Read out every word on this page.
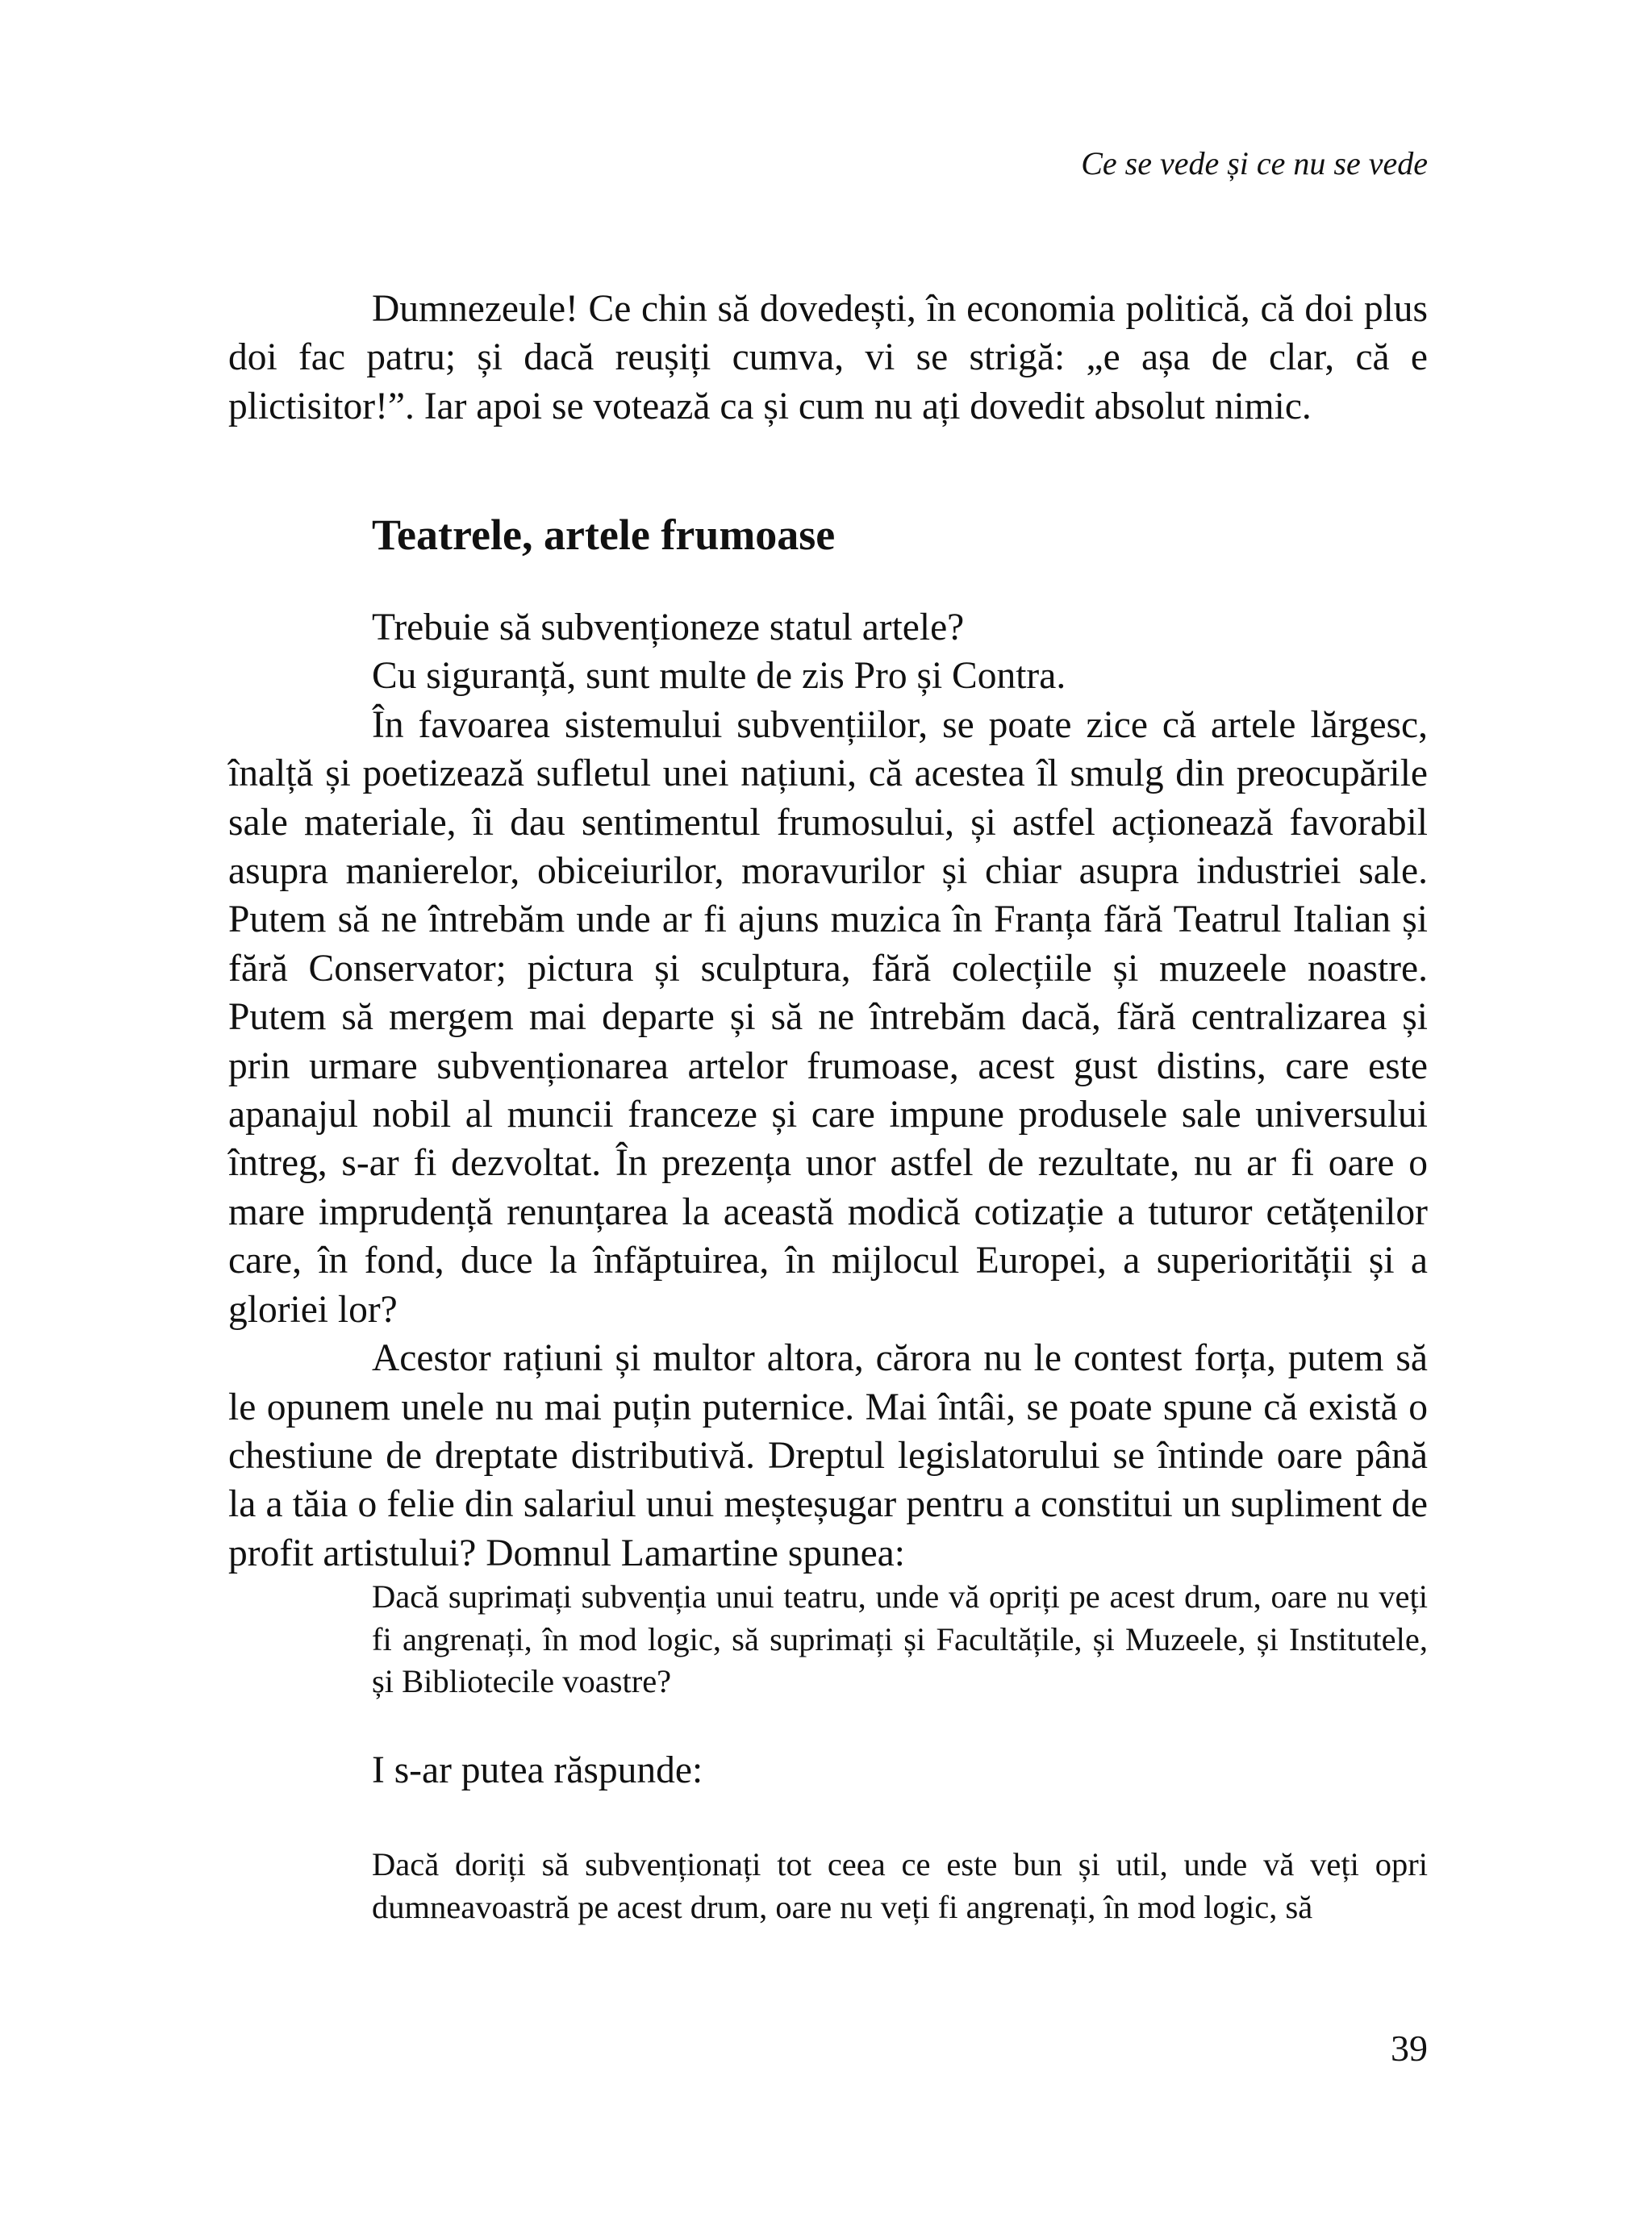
Ce se vede și ce nu se vede

Dumnezeule! Ce chin să dovedești, în economia politică, că doi plus doi fac patru; și dacă reușiți cumva, vi se strigă: „e așa de clar, că e plictisitor!”. Iar apoi se votează ca și cum nu ați dovedit absolut nimic.

Teatrele, artele frumoase

Trebuie să subvenționeze statul artele?

Cu siguranță, sunt multe de zis Pro și Contra.

În favoarea sistemului subvențiilor, se poate zice că artele lărgesc, înalță și poetizează sufletul unei națiuni, că acestea îl smulg din preocupările sale materiale, îi dau sentimentul frumosului, și astfel acționează favorabil asupra manierelor, obiceiurilor, moravurilor și chiar asupra industriei sale. Putem să ne întrebăm unde ar fi ajuns muzica în Franța fără Teatrul Italian și fără Conservator; pictura și sculptura, fără colecțiile și muzeele noastre. Putem să mergem mai departe și să ne întrebăm dacă, fără centralizarea și prin urmare subvenționarea artelor frumoase, acest gust distins, care este apanajul nobil al muncii franceze și care impune produsele sale universului întreg, s-ar fi dezvoltat. În prezența unor astfel de rezultate, nu ar fi oare o mare imprudență renunțarea la această modică cotizație a tuturor cetățenilor care, în fond, duce la înfăptuirea, în mijlocul Europei, a superiorității și a gloriei lor?

Acestor rațiuni și multor altora, cărora nu le contest forța, putem să le opunem unele nu mai puțin puternice. Mai întâi, se poate spune că există o chestiune de dreptate distributivă. Dreptul legislatorului se întinde oare până la a tăia o felie din salariul unui meșteșugar pentru a constitui un supliment de profit artistului? Domnul Lamartine spunea:

Dacă suprimați subvenția unui teatru, unde vă opriți pe acest drum, oare nu veți fi angrenați, în mod logic, să suprimați și Facultățile, și Muzeele, și Institutele, și Bibliotecile voastre?

I s-ar putea răspunde:

Dacă doriți să subvenționați tot ceea ce este bun și util, unde vă veți opri dumneavoastră pe acest drum, oare nu veți fi angrenați, în mod logic, să

39
